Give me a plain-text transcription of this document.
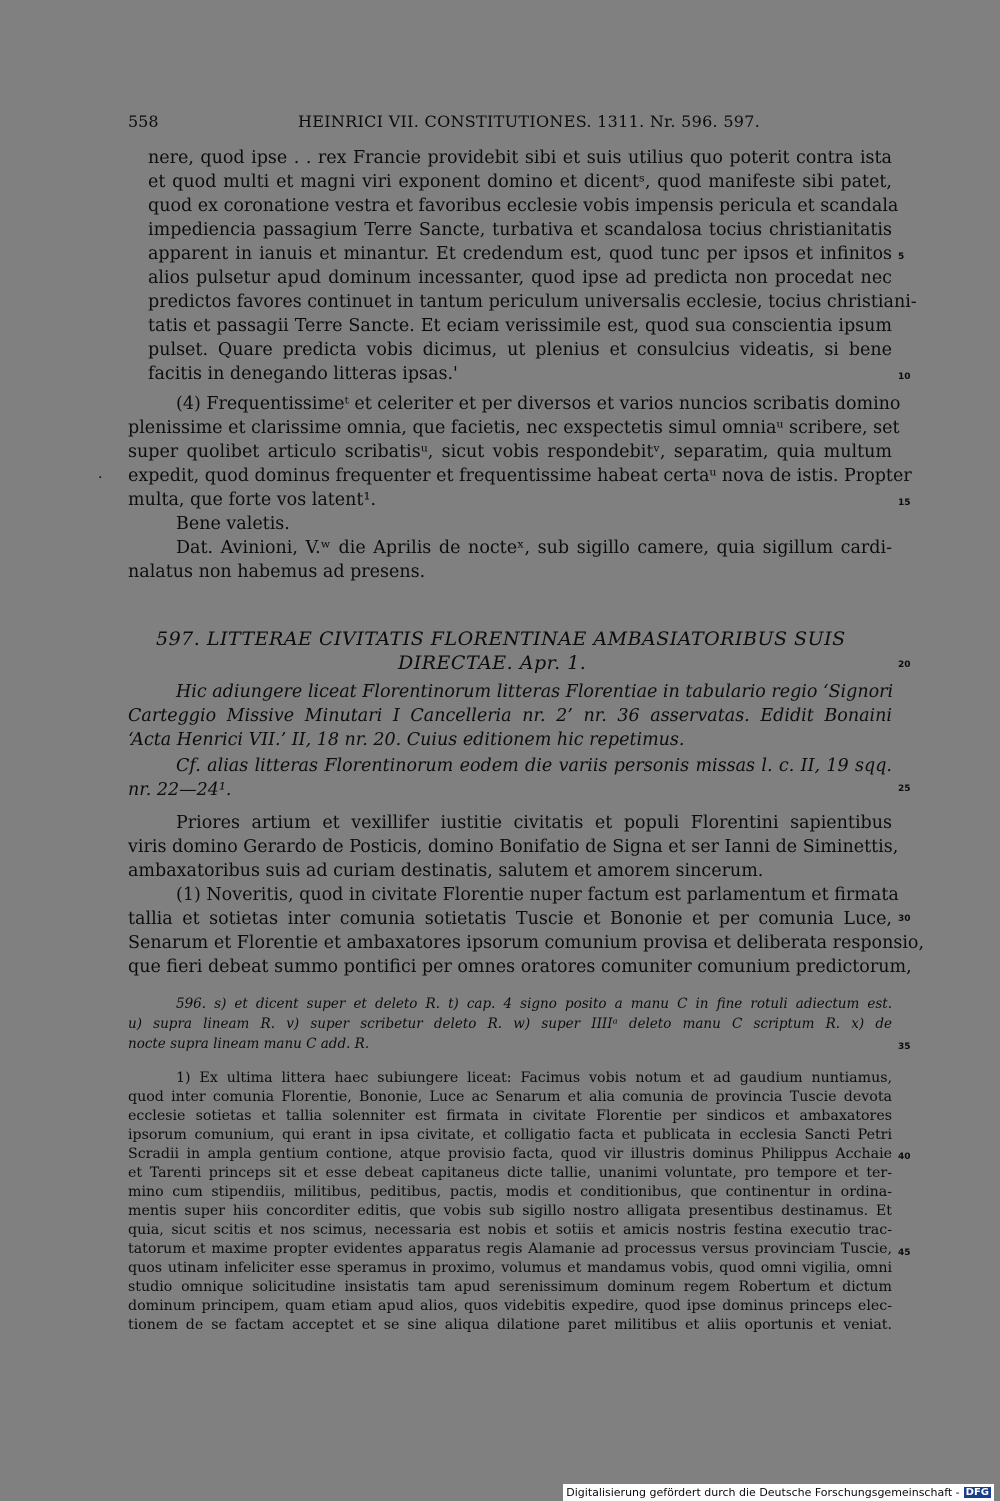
558	HEINRICI VII. CONSTITUTIONES. 1311. Nr. 596. 597.
nere, quod ipse . . rex Francie providebit sibi et suis utilius quo poterit contra ista
et quod multi et magni viri exponent domino et dicentˢ, quod manifeste sibi patet,
quod ex coronatione vestra et favoribus ecclesie vobis impensis pericula et scandala
impediencia passagium Terre Sancte, turbativa et scandalosa tocius christianitatis
apparent in ianuis et minantur. Et credendum est, quod tunc per ipsos et infinitos
alios pulsetur apud dominum incessanter, quod ipse ad predicta non procedat nec
predictos favores continuet in tantum periculum universalis ecclesie, tocius christiani-
tatis et passagii Terre Sancte. Et eciam verissimile est, quod sua conscientia ipsum
pulset. Quare predicta vobis dicimus, ut plenius et consulcius videatis, si bene
facitis in denegando litteras ipsas.'
(4) Frequentissimeᵗ et celeriter et per diversos et varios nuncios scribatis domino
plenissime et clarissime omnia, que facietis, nec exspectetis simul omniaᵘ scribere, set
super quolibet articulo scribatisᵘ, sicut vobis respondebitᵛ, separatim, quia multum
expedit, quod dominus frequenter et frequentissime habeat certaᵘ nova de istis. Propter
multa, que forte vos latent¹.
Bene valetis.
Dat. Avinioni, V.ʷ die Aprilis de nocteˣ, sub sigillo camere, quia sigillum cardi-
nalatus non habemus ad presens.
·
5
10
15
597. LITTERAE CIVITATIS FLORENTINAE AMBASIATORIBUS SUIS
DIRECTAE. Apr. 1.	20
Hic adiungere liceat Florentinorum litteras Florentiae in tabulario regio ‘Signori
Carteggio Missive Minutari I Cancelleria nr. 2’ nr. 36 asservatas. Edidit Bonaini
‘Acta Henrici VII.’ II, 18 nr. 20. Cuius editionem hic repetimus.
Cf. alias litteras Florentinorum eodem die variis personis missas l. c. II, 19 sqq.
nr. 22—24¹.	25
Priores artium et vexillifer iustitie civitatis et populi Florentini sapientibus
viris domino Gerardo de Posticis, domino Bonifatio de Signa et ser Ianni de Siminettis,
ambaxatoribus suis ad curiam destinatis, salutem et amorem sincerum.
(1) Noveritis, quod in civitate Florentie nuper factum est parlamentum et firmata
tallia et sotietas inter comunia sotietatis Tuscie et Bononie et per comunia Luce,
Senarum et Florentie et ambaxatores ipsorum comunium provisa et deliberata responsio,
que fieri debeat summo pontifici per omnes oratores comuniter comunium predictorum,
30
596. s) et dicent super et deleto R. t) cap. 4 signo posito a manu C in fine rotuli adiectum est.
u) supra lineam R. v) super scribetur deleto R. w) super IIIIᵃ deleto manu C scriptum R. x) de
nocte supra lineam manu C add. R.	35
1) Ex ultima littera haec subiungere liceat: Facimus vobis notum et ad gaudium nuntiamus,
quod inter comunia Florentie, Bononie, Luce ac Senarum et alia comunia de provincia Tuscie devota
ecclesie sotietas et tallia solenniter est firmata in civitate Florentie per sindicos et ambaxatores
ipsorum comunium, qui erant in ipsa civitate, et colligatio facta et publicata in ecclesia Sancti Petri
Scradii in ampla gentium contione, atque provisio facta, quod vir illustris dominus Philippus Acchaie
et Tarenti princeps sit et esse debeat capitaneus dicte tallie, unanimi voluntate, pro tempore et ter-
mino cum stipendiis, militibus, peditibus, pactis, modis et conditionibus, que continentur in ordina-
mentis super hiis concorditer editis, que vobis sub sigillo nostro alligata presentibus destinamus. Et
quia, sicut scitis et nos scimus, necessaria est nobis et sotiis et amicis nostris festina executio trac-
tatorum et maxime propter evidentes apparatus regis Alamanie ad processus versus provinciam Tuscie,
quos utinam infeliciter esse speramus in proximo, volumus et mandamus vobis, quod omni vigilia, omni
studio omnique solicitudine insistatis tam apud serenissimum dominum regem Robertum et dictum
dominum principem, quam etiam apud alios, quos videbitis expedire, quod ipse dominus princeps elec-
tionem de se factam acceptet et se sine aliqua dilatione paret militibus et aliis oportunis et veniat.
40
45
Digitalisierung gefördert durch die Deutsche Forschungsgemeinschaft - DFG
